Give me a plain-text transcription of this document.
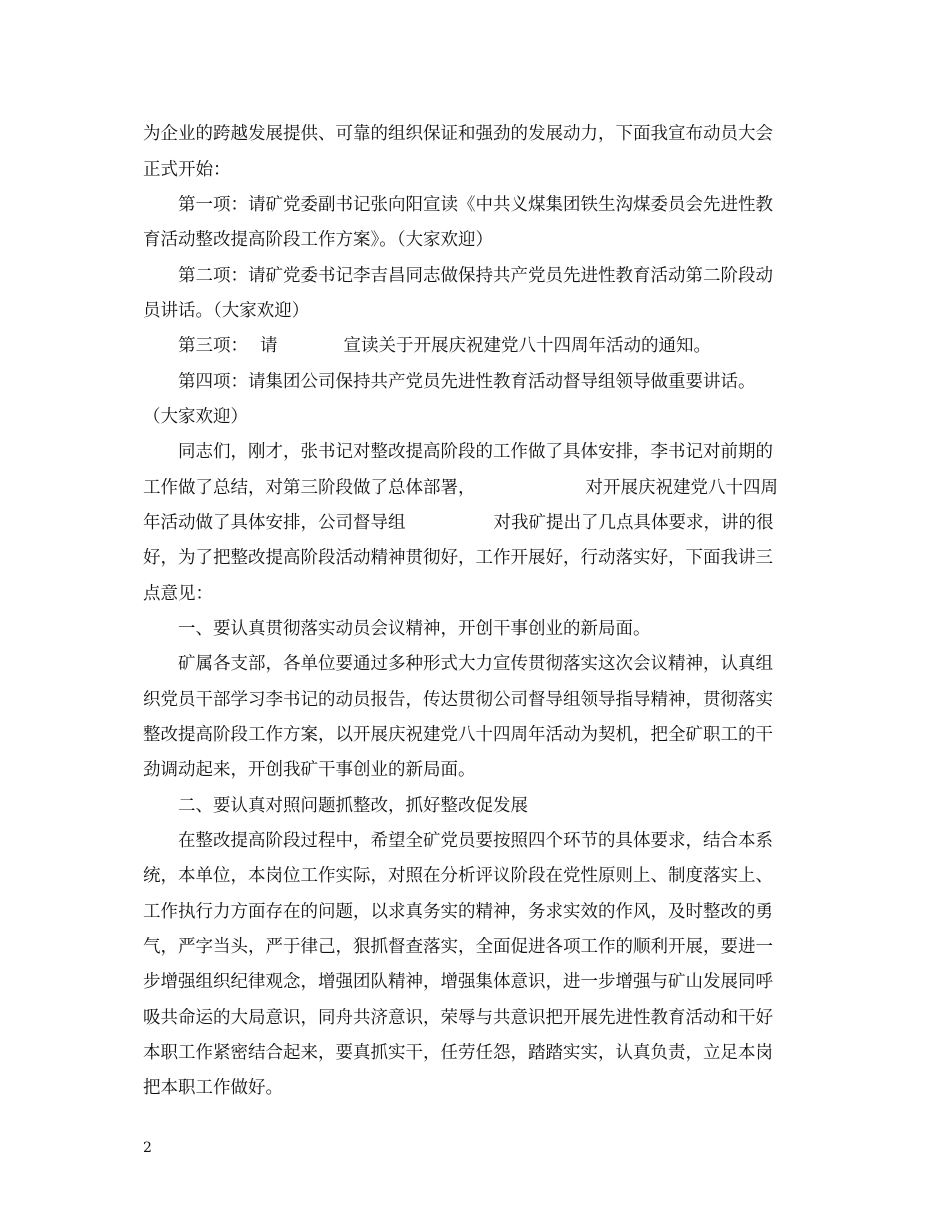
为企业的跨越发展提供、可靠的组织保证和强劲的发展动力，下面我宣布动员大会
正式开始：
第一项：请矿党委副书记张向阳宣读《中共义煤集团铁生沟煤委员会先进性教
育活动整改提高阶段工作方案》。（大家欢迎）
第二项：请矿党委书记李吉昌同志做保持共产党员先进性教育活动第二阶段动
员讲话。（大家欢迎）
第三项： 请	宣读关于开展庆祝建党八十四周年活动的通知。
第四项：请集团公司保持共产党员先进性教育活动督导组领导做重要讲话。
（大家欢迎）
同志们，刚才，张书记对整改提高阶段的工作做了具体安排，李书记对前期的
工作做了总结，对第三阶段做了总体部署，	对开展庆祝建党八十四周
年活动做了具体安排，公司督导组	对我矿提出了几点具体要求，讲的很
好，为了把整改提高阶段活动精神贯彻好，工作开展好，行动落实好，下面我讲三
点意见：
一、要认真贯彻落实动员会议精神，开创干事创业的新局面。
矿属各支部，各单位要通过多种形式大力宣传贯彻落实这次会议精神，认真组
织党员干部学习李书记的动员报告，传达贯彻公司督导组领导指导精神，贯彻落实
整改提高阶段工作方案，以开展庆祝建党八十四周年活动为契机，把全矿职工的干
劲调动起来，开创我矿干事创业的新局面。
二、要认真对照问题抓整改，抓好整改促发展
在整改提高阶段过程中，希望全矿党员要按照四个环节的具体要求，结合本系
统，本单位，本岗位工作实际，对照在分析评议阶段在党性原则上、制度落实上、
工作执行力方面存在的问题，以求真务实的精神，务求实效的作风，及时整改的勇
气，严字当头，严于律己，狠抓督查落实，全面促进各项工作的顺利开展，要进一
步增强组织纪律观念，增强团队精神，增强集体意识，进一步增强与矿山发展同呼
吸共命运的大局意识，同舟共济意识，荣辱与共意识把开展先进性教育活动和干好
本职工作紧密结合起来，要真抓实干，任劳任怨，踏踏实实，认真负责，立足本岗
把本职工作做好。
2
